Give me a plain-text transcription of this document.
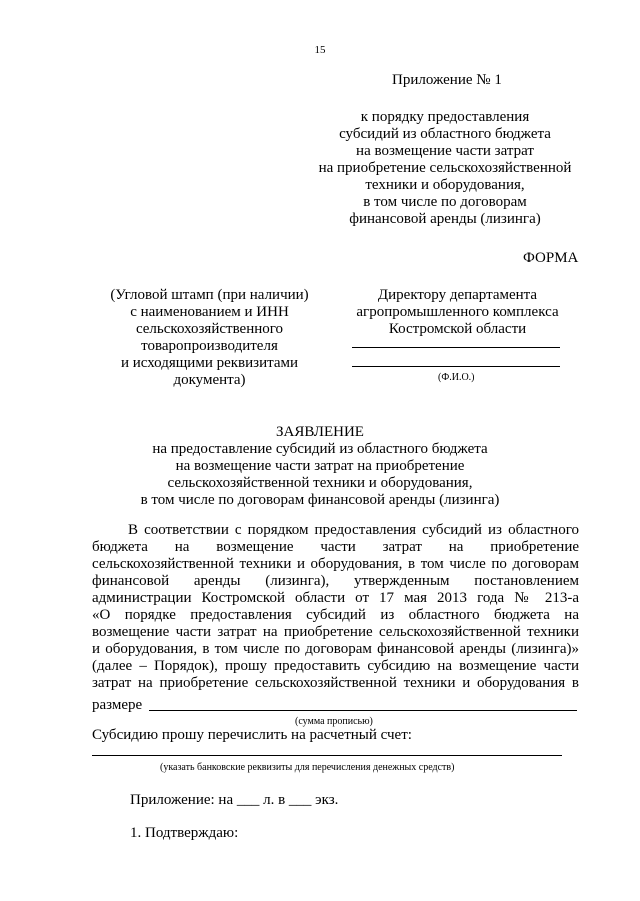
15
Приложение № 1
к порядку предоставления
субсидий из областного бюджета
на возмещение части затрат
на приобретение сельскохозяйственной
техники и оборудования,
в том числе по договорам
финансовой аренды (лизинга)
ФОРМА
(Угловой штамп (при наличии)
с наименованием и ИНН
сельскохозяйственного
товаропроизводителя
и исходящими реквизитами
документа)
Директору департамента
агропромышленного комплекса
Костромской области
(Ф.И.О.)
ЗАЯВЛЕНИЕ
на предоставление субсидий из областного бюджета
на возмещение части затрат на приобретение
сельскохозяйственной техники и оборудования,
в том числе по договорам финансовой аренды (лизинга)
В соответствии с порядком предоставления субсидий из областного
бюджета на возмещение части затрат на приобретение
сельскохозяйственной техники и оборудования, в том числе по договорам
финансовой аренды (лизинга), утвержденным постановлением
администрации Костромской области от 17 мая 2013 года № 213-а
«О порядке предоставления субсидий из областного бюджета на
возмещение части затрат на приобретение сельскохозяйственной техники
и оборудования, в том числе по договорам финансовой аренды (лизинга)»
(далее – Порядок), прошу предоставить субсидию на возмещение части
затрат на приобретение сельскохозяйственной техники и оборудования в
размере
(сумма прописью)
Субсидию прошу перечислить на расчетный счет:
(указать банковские реквизиты для перечисления денежных средств)
Приложение: на ___ л. в ___ экз.
1. Подтверждаю:
